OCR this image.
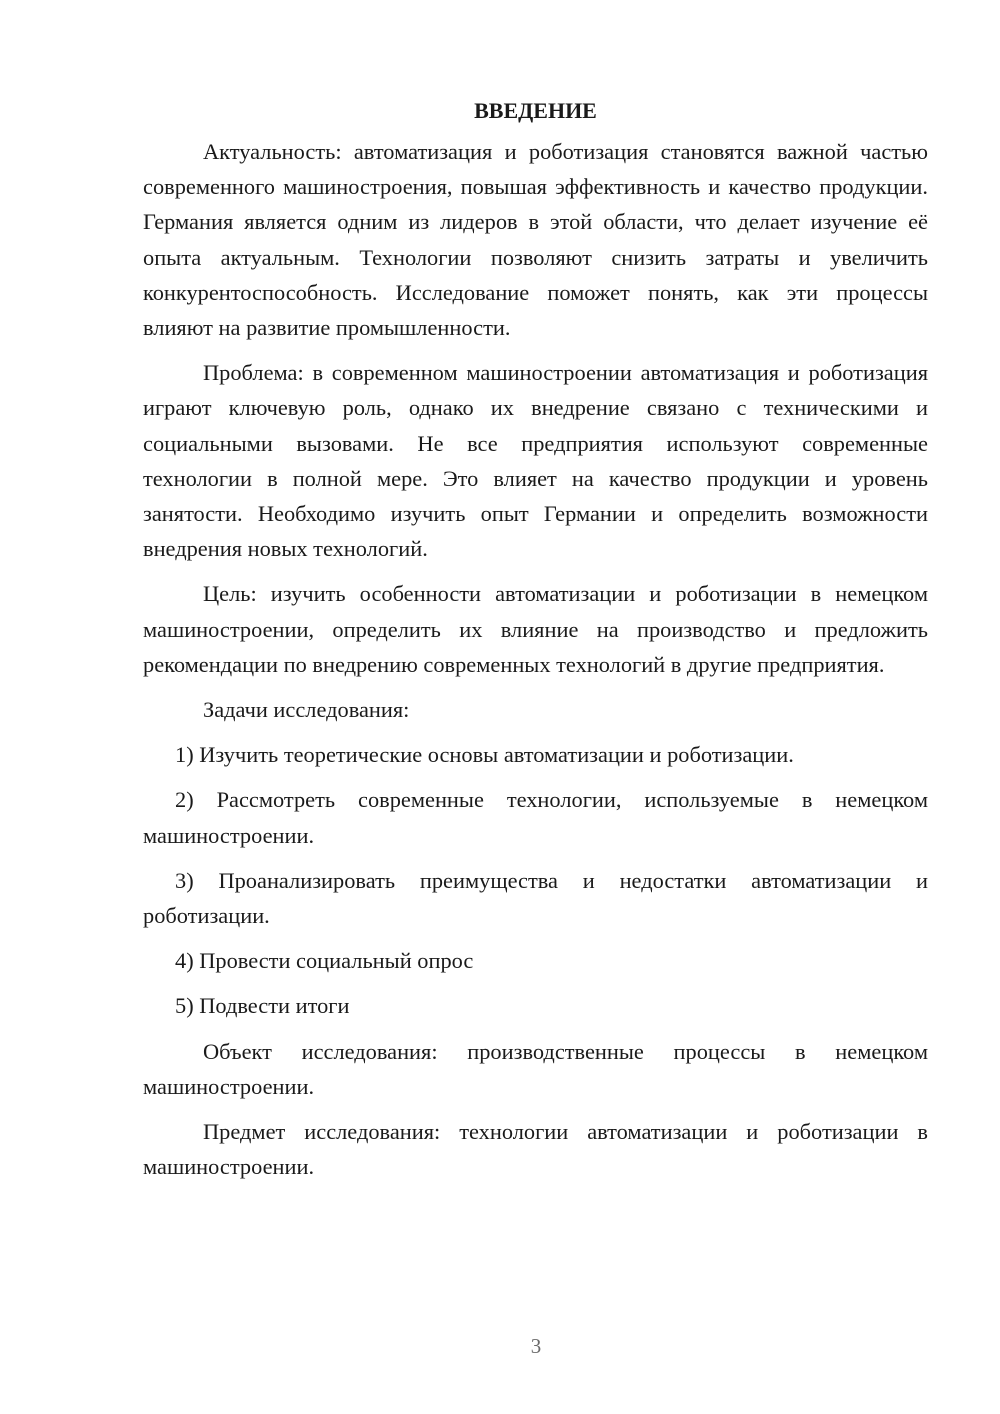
ВВЕДЕНИЕ

Актуальность: автоматизация и роботизация становятся важной частью современного машиностроения, повышая эффективность и качество продукции. Германия является одним из лидеров в этой области, что делает изучение её опыта актуальным. Технологии позволяют снизить затраты и увеличить конкурентоспособность. Исследование поможет понять, как эти процессы влияют на развитие промышленности.

Проблема: в современном машиностроении автоматизация и роботизация играют ключевую роль, однако их внедрение связано с техническими и социальными вызовами. Не все предприятия используют современные технологии в полной мере. Это влияет на качество продукции и уровень занятости. Необходимо изучить опыт Германии и определить возможности внедрения новых технологий.

Цель: изучить особенности автоматизации и роботизации в немецком машиностроении, определить их влияние на производство и предложить рекомендации по внедрению современных технологий в другие предприятия.

Задачи исследования:

1) Изучить теоретические основы автоматизации и роботизации.

2) Рассмотреть современные технологии, используемые в немецком машиностроении.

3) Проанализировать преимущества и недостатки автоматизации и роботизации.

4) Провести социальный опрос

5) Подвести итоги

Объект исследования: производственные процессы в немецком машиностроении.

Предмет исследования: технологии автоматизации и роботизации в машиностроении.

3
